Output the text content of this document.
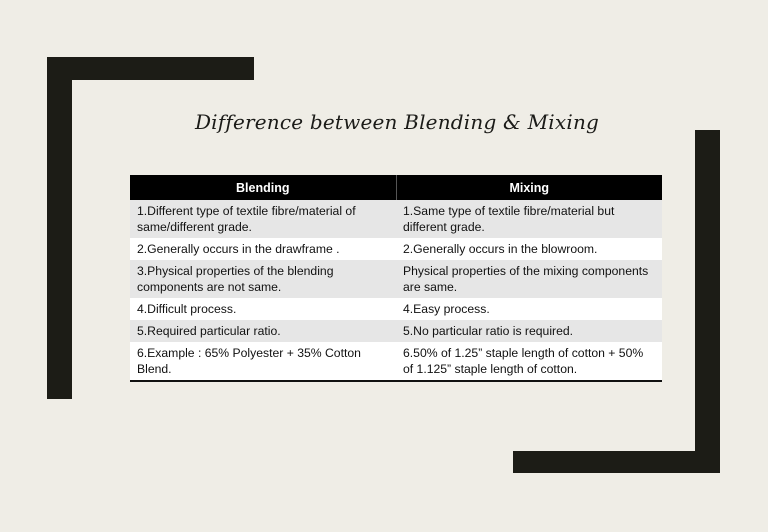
Difference between Blending & Mixing
Blending	Mixing
1.Different type of textile fibre/material of same/different grade.	1.Same type of textile fibre/material but different grade.
2.Generally occurs in the drawframe .	2.Generally occurs in the blowroom.
3.Physical properties of the blending components are not same.	Physical properties of the mixing components are same.
4.Difficult process.	4.Easy process.
5.Required particular ratio.	5.No particular ratio is required.
6.Example : 65% Polyester + 35% Cotton Blend.	6.50% of 1.25” staple length of cotton + 50% of 1.125” staple length of cotton.
